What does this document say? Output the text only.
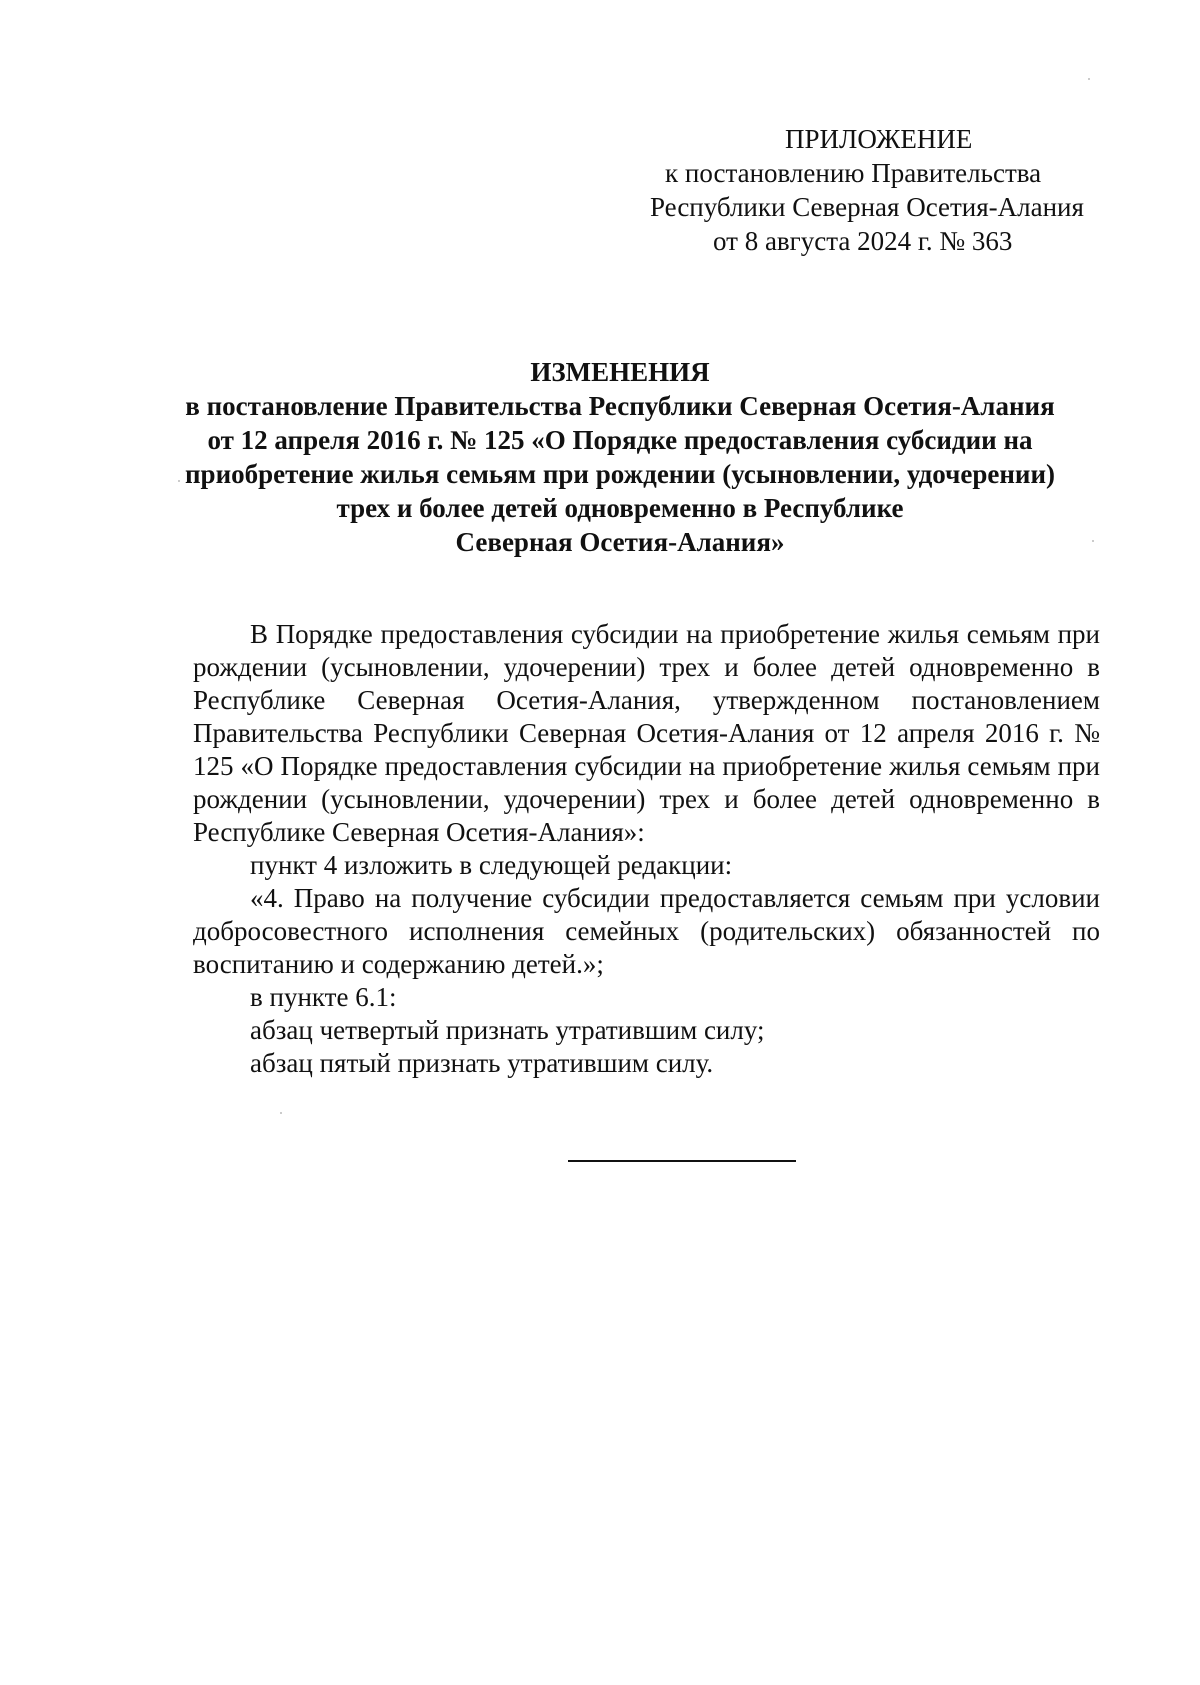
ПРИЛОЖЕНИЕ
к постановлению Правительства
Республики Северная Осетия-Алания
от 8 августа 2024 г. № 363
ИЗМЕНЕНИЯ
в постановление Правительства Республики Северная Осетия-Алания
от 12 апреля 2016 г. № 125 «О Порядке предоставления субсидии на
приобретение жилья семьям при рождении (усыновлении, удочерении)
трех и более детей одновременно в Республике
Северная Осетия-Алания»

В Порядке предоставления субсидии на приобретение жилья семьям при рождении (усыновлении, удочерении) трех и более детей одновременно в Республике Северная Осетия-Алания, утвержденном постановлением Правительства Республики Северная Осетия-Алания от 12 апреля 2016 г. № 125 «О Порядке предоставления субсидии на приобретение жилья семьям при рождении (усыновлении, удочерении) трех и более детей одновременно в Республике Северная Осетия-Алания»:

пункт 4 изложить в следующей редакции:

«4. Право на получение субсидии предоставляется семьям при условии добросовестного исполнения семейных (родительских) обязанностей по воспитанию и содержанию детей.»;

в пункте 6.1:

абзац четвертый признать утратившим силу;

абзац пятый признать утратившим силу.
